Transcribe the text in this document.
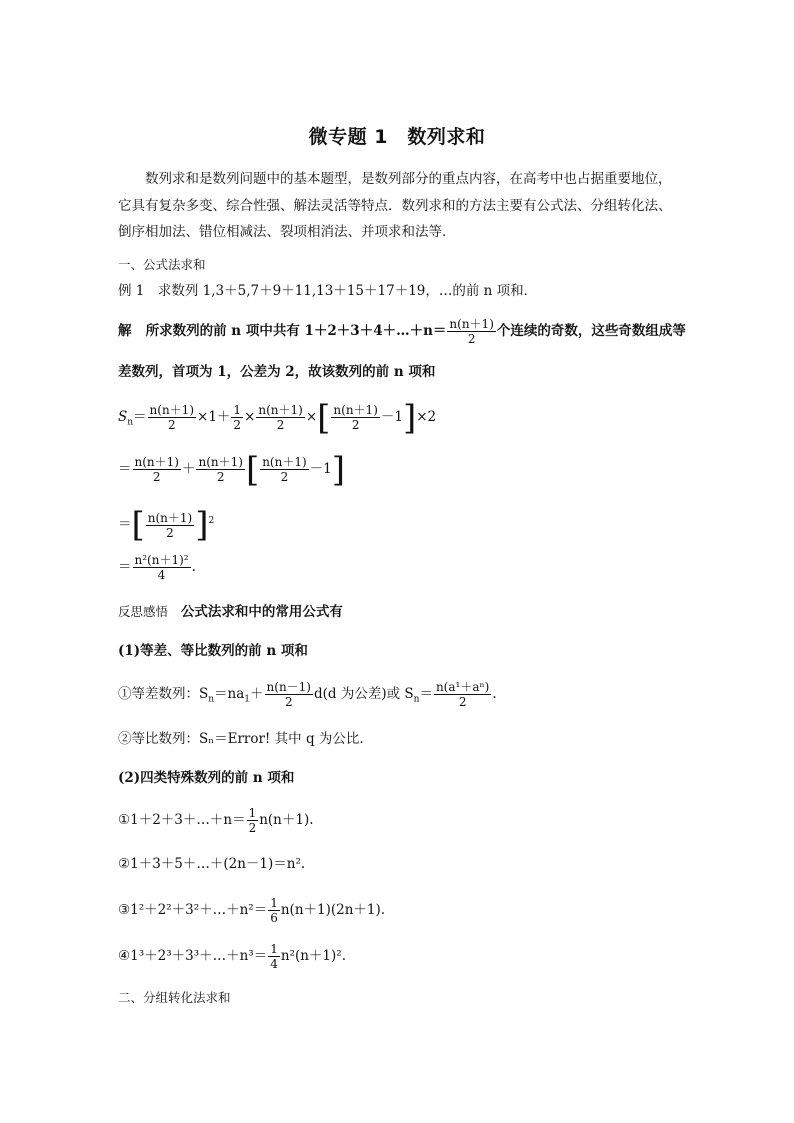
微专题 1　数列求和
数列求和是数列问题中的基本题型，是数列部分的重点内容，在高考中也占据重要地位，它具有复杂多变、综合性强、解法灵活等特点．数列求和的方法主要有公式法、分组转化法、倒序相加法、错位相减法、裂项相消法、并项求和法等．
一、公式法求和
例 1　求数列 1,3＋5,7＋9＋11,13＋15＋17＋19，…的前 n 项和．
解 所求数列的前 n 项中共有 1＋2＋3＋4＋…＋n＝ $\frac{n(n+1)}{2}$ 个连续的奇数，这些奇数组成等
差数列，首项为 1，公差为 2，故该数列的前 n 项和
$S_n= \frac{n(n+1)}{2} \times 1+ \frac{1}{2} \times \frac{n(n+1)}{2}$ ×[ $\frac{n(n+1)}{2} -1]\times 2$
＝ $\frac{n(n+1)}{2} + \frac{n(n+1)}{2}$ [ $\frac{n(n+1)}{2} -1$]
＝[ $\frac{n(n+1)}{2} ]^2$
＝ $\frac{\text{n²(n＋1)²}}{4}$ .
反思感悟 公式法求和中的常用公式有
(1)等差、等比数列的前 n 项和
①等差数列：$S_n=na_1+ \frac{n(n-1)}{2} d(d$ 为公差)或 $S_n= \frac{\text{n(a¹＋aⁿ)}}{2}$ .
②等比数列：Sₙ＝Error! 其中 q 为公比.
(2)四类特殊数列的前 n 项和
①1＋2＋3＋…＋n＝ $\frac{1}{2} n(n+1)$.
②1＋3＋5＋…＋(2n－1)＝n².
③1²＋2²＋3²＋…＋n²＝ $\frac{1}{6} n(n+1)(2n+1)$.
④1³＋2³＋3³＋…＋n³＝ $\frac{1}{4} n^2(n+1)^2$.
二、分组转化法求和
